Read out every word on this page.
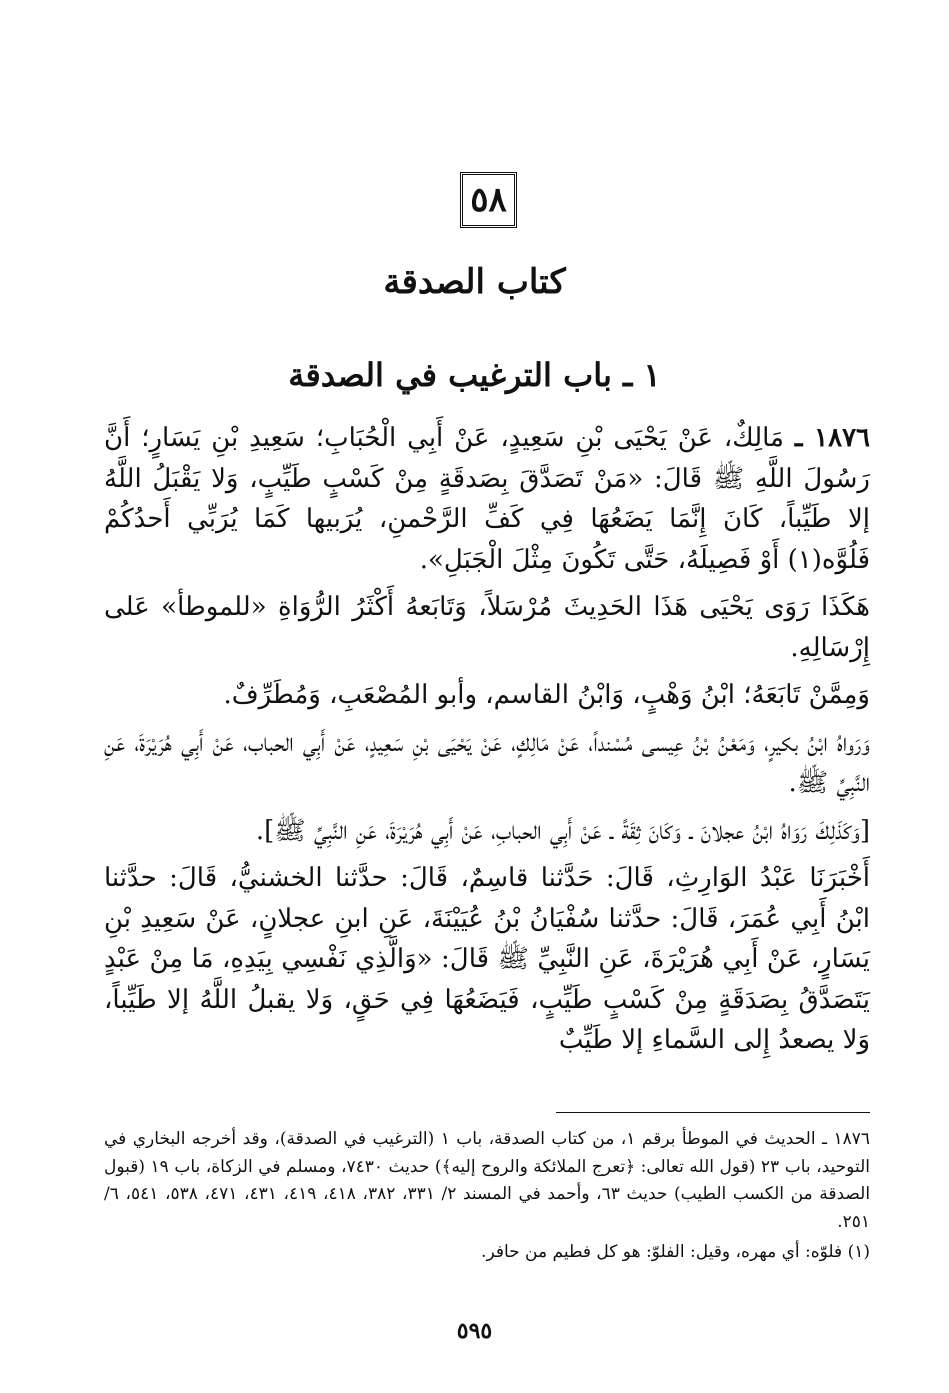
٥٨
كتاب الصدقة
١ ـ باب الترغيب في الصدقة

١٨٧٦ ـ مَالِكٌ، عَنْ يَحْيَى بْنِ سَعِيدٍ، عَنْ أَبِي الْحُبَابِ؛ سَعِيدِ بْنِ يَسَارٍ؛ أَنَّ رَسُولَ اللَّهِ ﷺ قَالَ: «مَنْ تَصَدَّقَ بِصَدقَةٍ مِنْ كَسْبٍ طَيِّبٍ، وَلا يَقْبَلُ اللَّهُ إلا طَيِّباً، كَانَ إِنَّمَا يَضَعُهَا فِي كَفِّ الرَّحْمنِ، يُرَبيها كَمَا يُرَبِّي أَحدُكُمْ فَلُوَّه(١) أَوْ فَصِيلَهُ، حَتَّى تَكُونَ مِثْلَ الْجَبَلِ».

هَكَذَا رَوَى يَحْيَى هَذَا الحَدِيثَ مُرْسَلاً، وَتَابَعهُ أَكْثَرُ الرُّوَاةِ «للموطأ» عَلى إِرْسَالِهِ.

وَمِمَّنْ تَابَعَهُ؛ ابْنُ وَهْبٍ، وَابْنُ القاسم، وأبو المُصْعَبِ، وَمُطَرِّفٌ.

وَرَواهُ ابْنُ بكيرٍ، وَمَعْنُ بْنُ عِيسى مُسْنداً، عَنْ مَالِكٍ، عَنْ يَحْيَى بْنِ سَعِيدٍ، عَنْ أَبِي الحباب، عَنْ أَبِي هُرَيْرَةَ، عَنِ النَّبِيِّ ﷺ.

[وَكَذَلِكَ رَوَاهُ ابْنُ عجلانَ ـ وَكَانَ ثِقَةً ـ عَنْ أَبِي الحبابِ، عَنْ أَبِي هُرَيْرَةَ، عَنِ النَّبِيِّ ﷺ].

أَخْبَرَنَا عَبْدُ الوَارِثِ، قَالَ: حَدَّثنا قاسِمٌ، قَالَ: حدَّثنا الخشنيُّ، قَالَ: حدَّثنا ابْنُ أَبِي عُمَرَ، قَالَ: حدَّثنا سُفْيَانُ بْنُ عُيَيْنَةَ، عَنِ ابنِ عجلانٍ، عَنْ سَعِيدِ بْنِ يَسَارٍ، عَنْ أَبِي هُرَيْرَةَ، عَنِ النَّبِيِّ ﷺ قَالَ: «وَالَّذِي نَفْسِي بِيَدِهِ، مَا مِنْ عَبْدٍ يَتَصَدَّقُ بِصَدَقَةٍ مِنْ كَسْبٍ طَيِّبٍ، فَيَضَعُهَا فِي حَقٍ، وَلا يقبلُ اللَّهُ إلا طَيِّباً، وَلا يصعدُ إِلى السَّماءِ إلا طَيِّبٌ

١٨٧٦ ـ الحديث في الموطأ برقم ١، من كتاب الصدقة، باب ١ (الترغيب في الصدقة)، وقد أخرجه البخاري في التوحيد، باب ٢٣ (قول الله تعالى: ﴿تعرج الملائكة والروح إليه﴾) حديث ٧٤٣٠، ومسلم في الزكاة، باب ١٩ (قبول الصدقة من الكسب الطيب) حديث ٦٣، وأحمد في المسند ٢/ ٣٣١، ٣٨٢، ٤١٨، ٤١٩، ٤٣١، ٤٧١، ٥٣٨، ٥٤١، ٦/ ٢٥١.

(١) فلوّه: أي مهره، وقيل: الفلوّ: هو كل فطيم من حافر.

٥٩٥
